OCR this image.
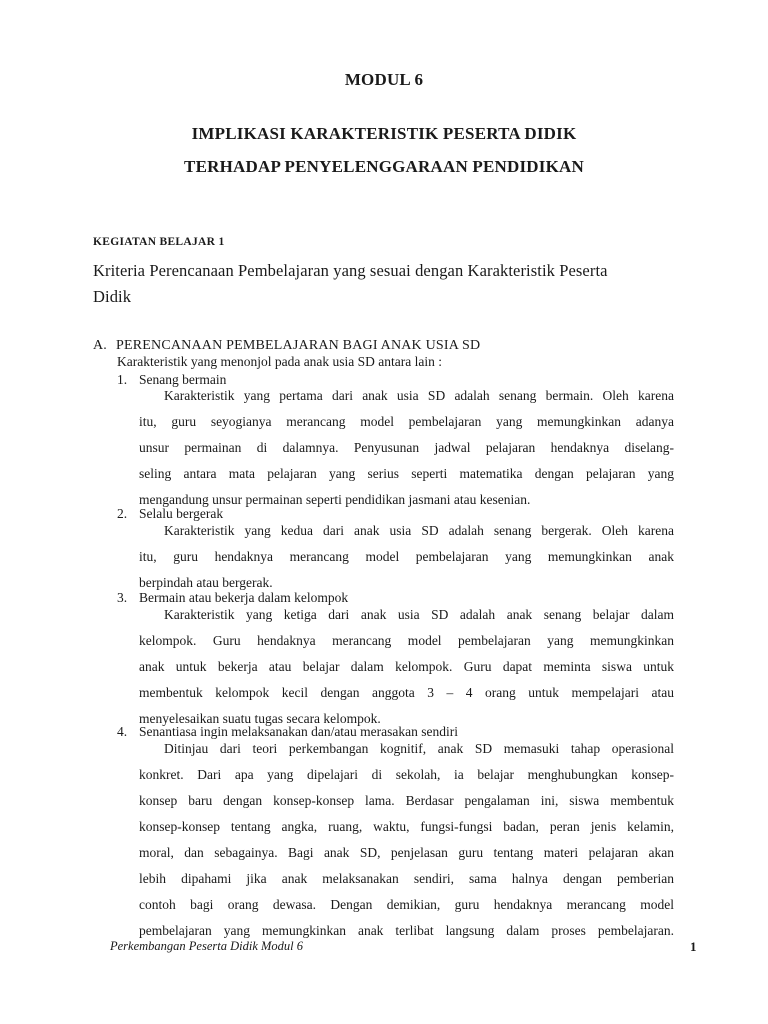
MODUL 6
IMPLIKASI KARAKTERISTIK PESERTA DIDIK
TERHADAP PENYELENGGARAAN PENDIDIKAN
KEGIATAN BELAJAR 1
Kriteria Perencanaan Pembelajaran yang sesuai dengan Karakteristik Peserta
Didik
A. PERENCANAAN PEMBELAJARAN BAGI ANAK USIA SD
Karakteristik yang menonjol pada anak usia SD antara lain :
1. Senang bermain
Karakteristik yang pertama dari anak usia SD adalah senang bermain. Oleh karena
itu, guru seyogianya merancang model pembelajaran yang memungkinkan adanya
unsur permainan di dalamnya. Penyusunan jadwal pelajaran hendaknya diselang-
seling antara mata pelajaran yang serius seperti matematika dengan pelajaran yang
mengandung unsur permainan seperti pendidikan jasmani atau kesenian.
2. Selalu bergerak
Karakteristik yang kedua dari anak usia SD adalah senang bergerak. Oleh karena
itu, guru hendaknya merancang model pembelajaran yang memungkinkan anak
berpindah atau bergerak.
3. Bermain atau bekerja dalam kelompok
Karakteristik yang ketiga dari anak usia SD adalah anak senang belajar dalam
kelompok. Guru hendaknya merancang model pembelajaran yang memungkinkan
anak untuk bekerja atau belajar dalam kelompok. Guru dapat meminta siswa untuk
membentuk kelompok kecil dengan anggota 3 – 4 orang untuk mempelajari atau
menyelesaikan suatu tugas secara kelompok.
4. Senantiasa ingin melaksanakan dan/atau merasakan sendiri
Ditinjau dari teori perkembangan kognitif, anak SD memasuki tahap operasional
konkret. Dari apa yang dipelajari di sekolah, ia belajar menghubungkan konsep-
konsep baru dengan konsep-konsep lama. Berdasar pengalaman ini, siswa membentuk
konsep-konsep tentang angka, ruang, waktu, fungsi-fungsi badan, peran jenis kelamin,
moral, dan sebagainya. Bagi anak SD, penjelasan guru tentang materi pelajaran akan
lebih dipahami jika anak melaksanakan sendiri, sama halnya dengan pemberian
contoh bagi orang dewasa. Dengan demikian, guru hendaknya merancang model
pembelajaran yang memungkinkan anak terlibat langsung dalam proses pembelajaran.
Perkembangan Peserta Didik Modul 6	1
